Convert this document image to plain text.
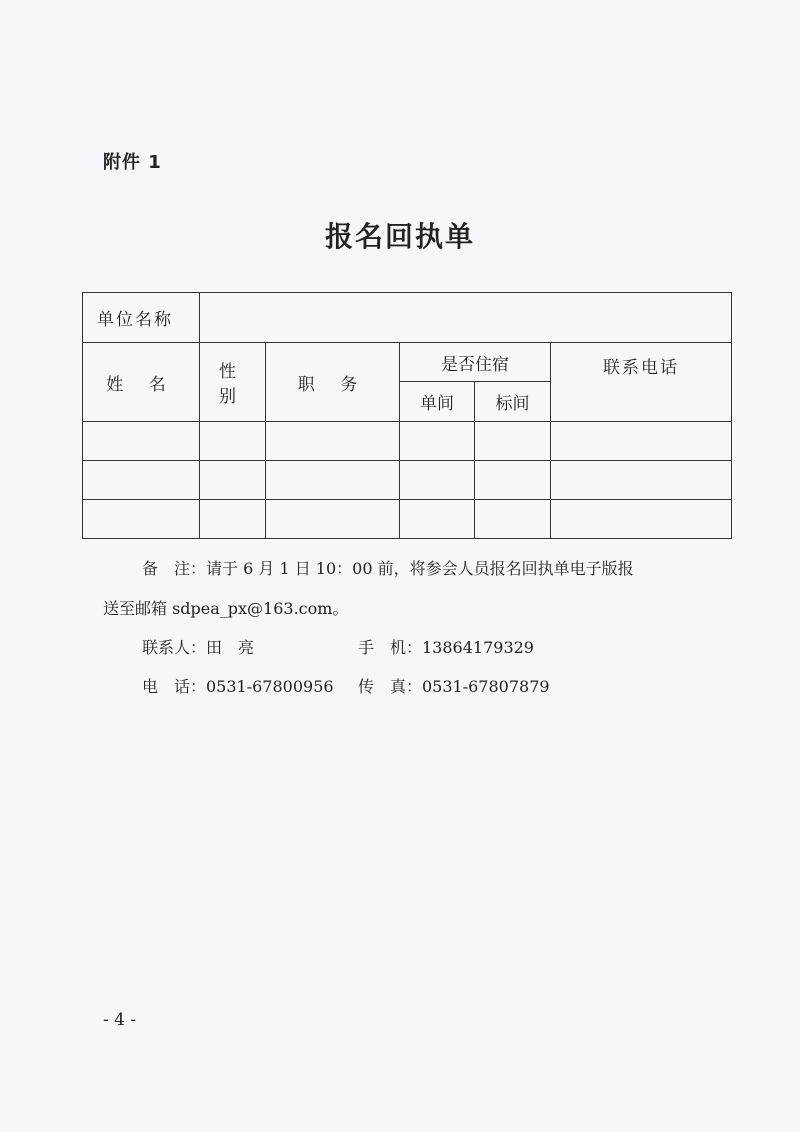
附件 1
报名回执单
单位名称					
姓 名	性 别	职 务	是否住宿		联系电话
			单间	标间	

备　注：请于 6 月 1 日 10：00 前，将参会人员报名回执单电子版报
送至邮箱 sdpea_px@163.com。
联系人：田　亮	手　机：13864179329
电　话：0531-67800956 传　真：0531-67807879
- 4 -
